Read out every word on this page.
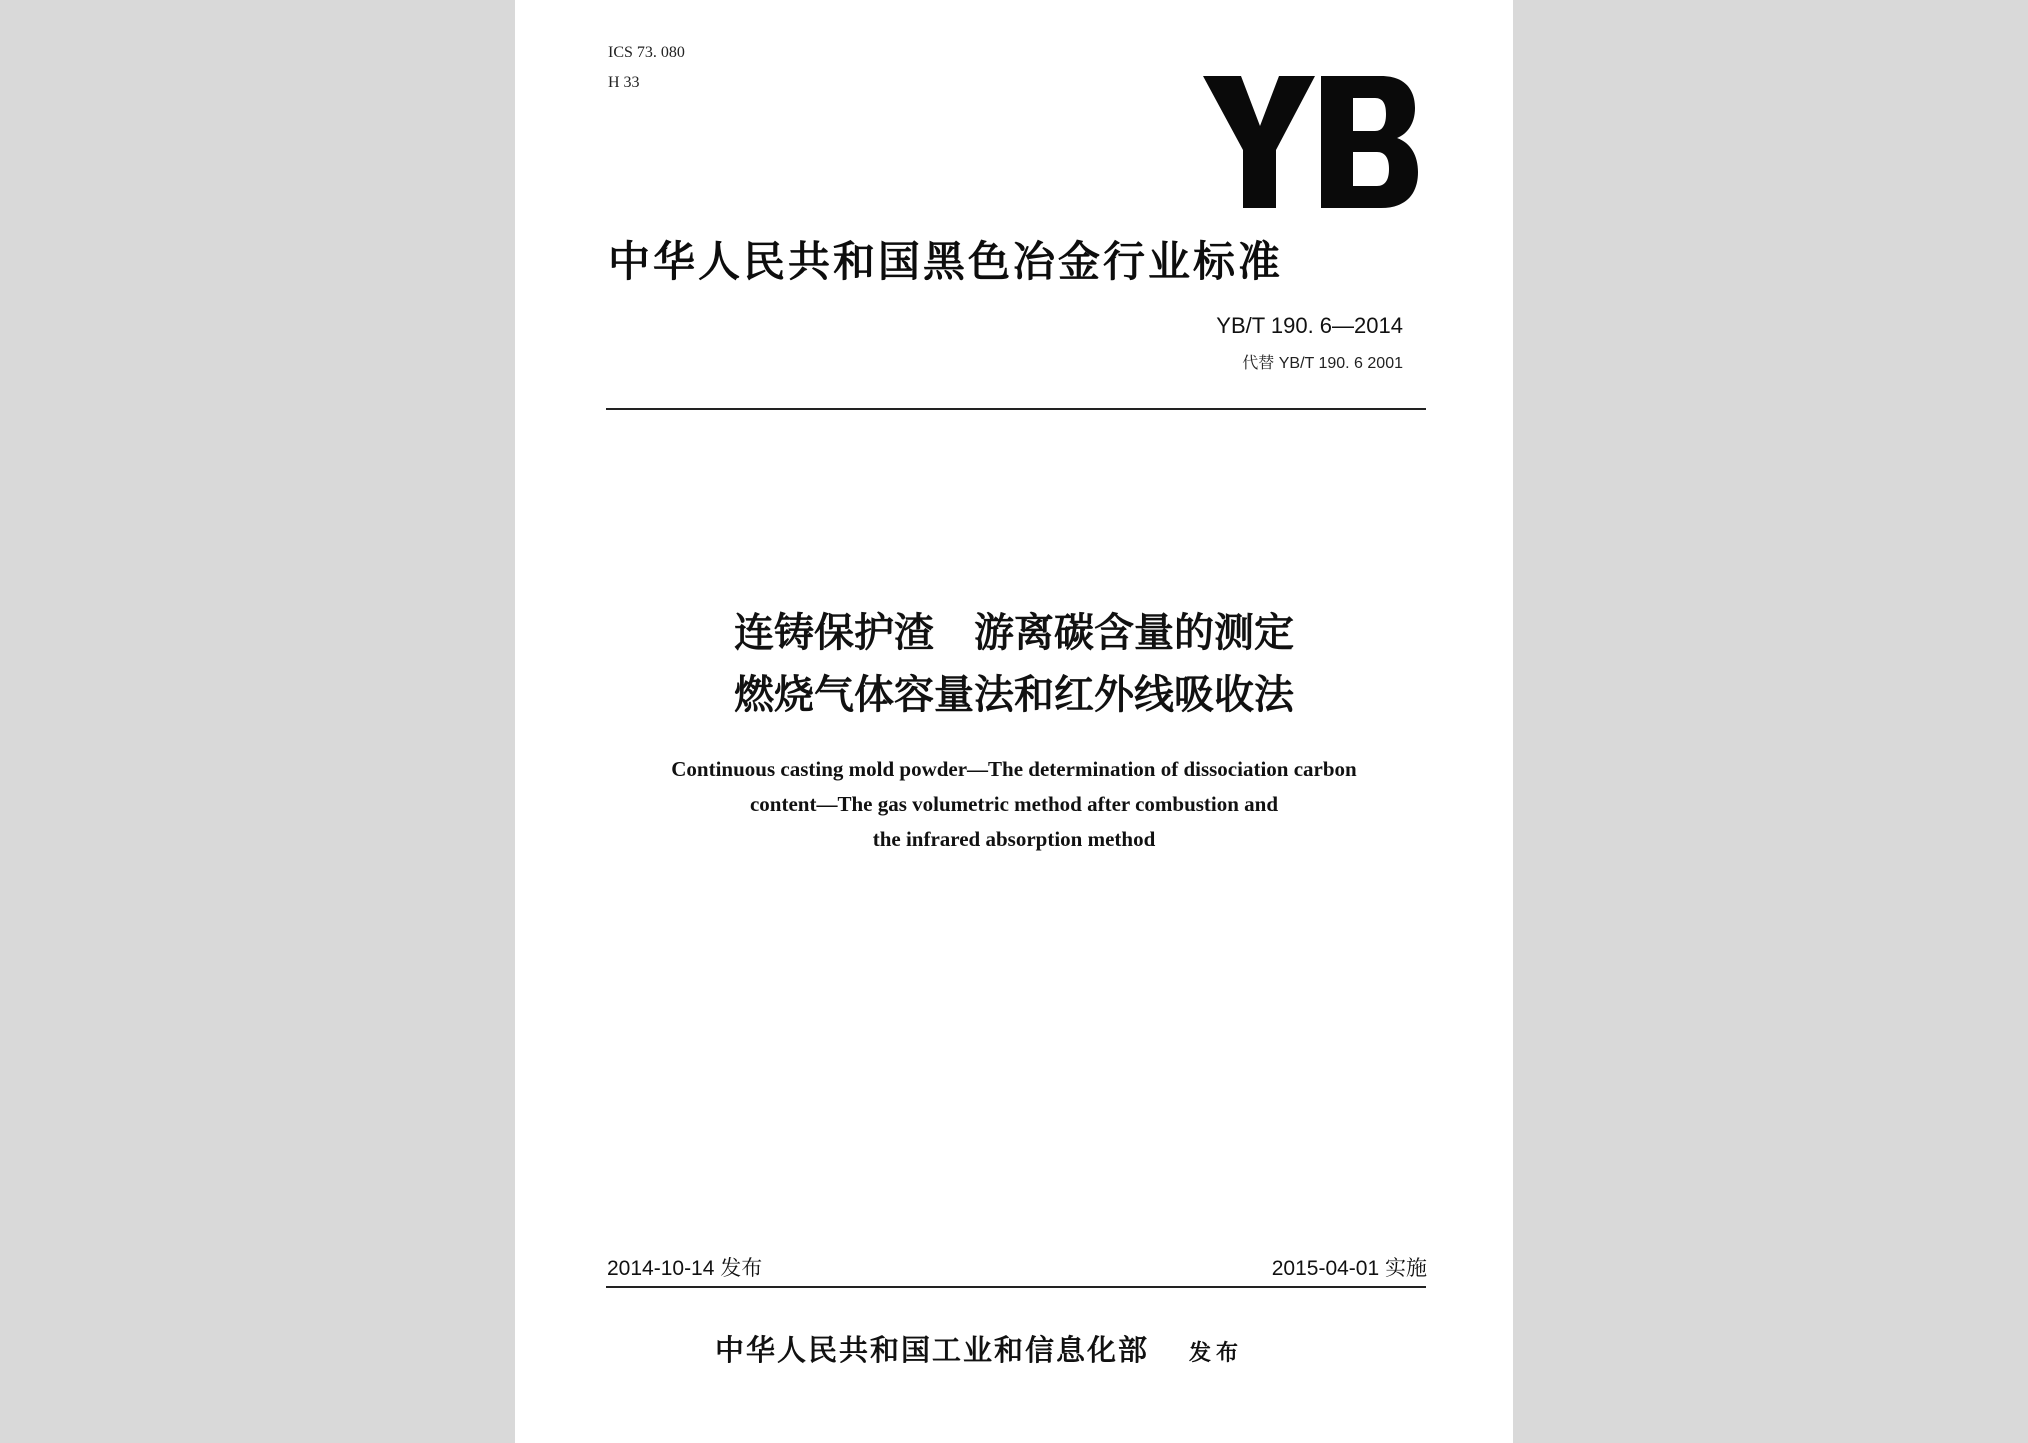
ICS 73. 080
H 33
中华人民共和国黑色冶金行业标准
YB/T 190. 6—2014
代替 YB/T 190. 6 2001
连铸保护渣　游离碳含量的测定
燃烧气体容量法和红外线吸收法
Continuous casting mold powder—The determination of dissociation carbon
content—The gas volumetric method after combustion and
the infrared absorption method
2014-10-14 发布	2015-04-01 实施
中华人民共和国工业和信息化部 发布
